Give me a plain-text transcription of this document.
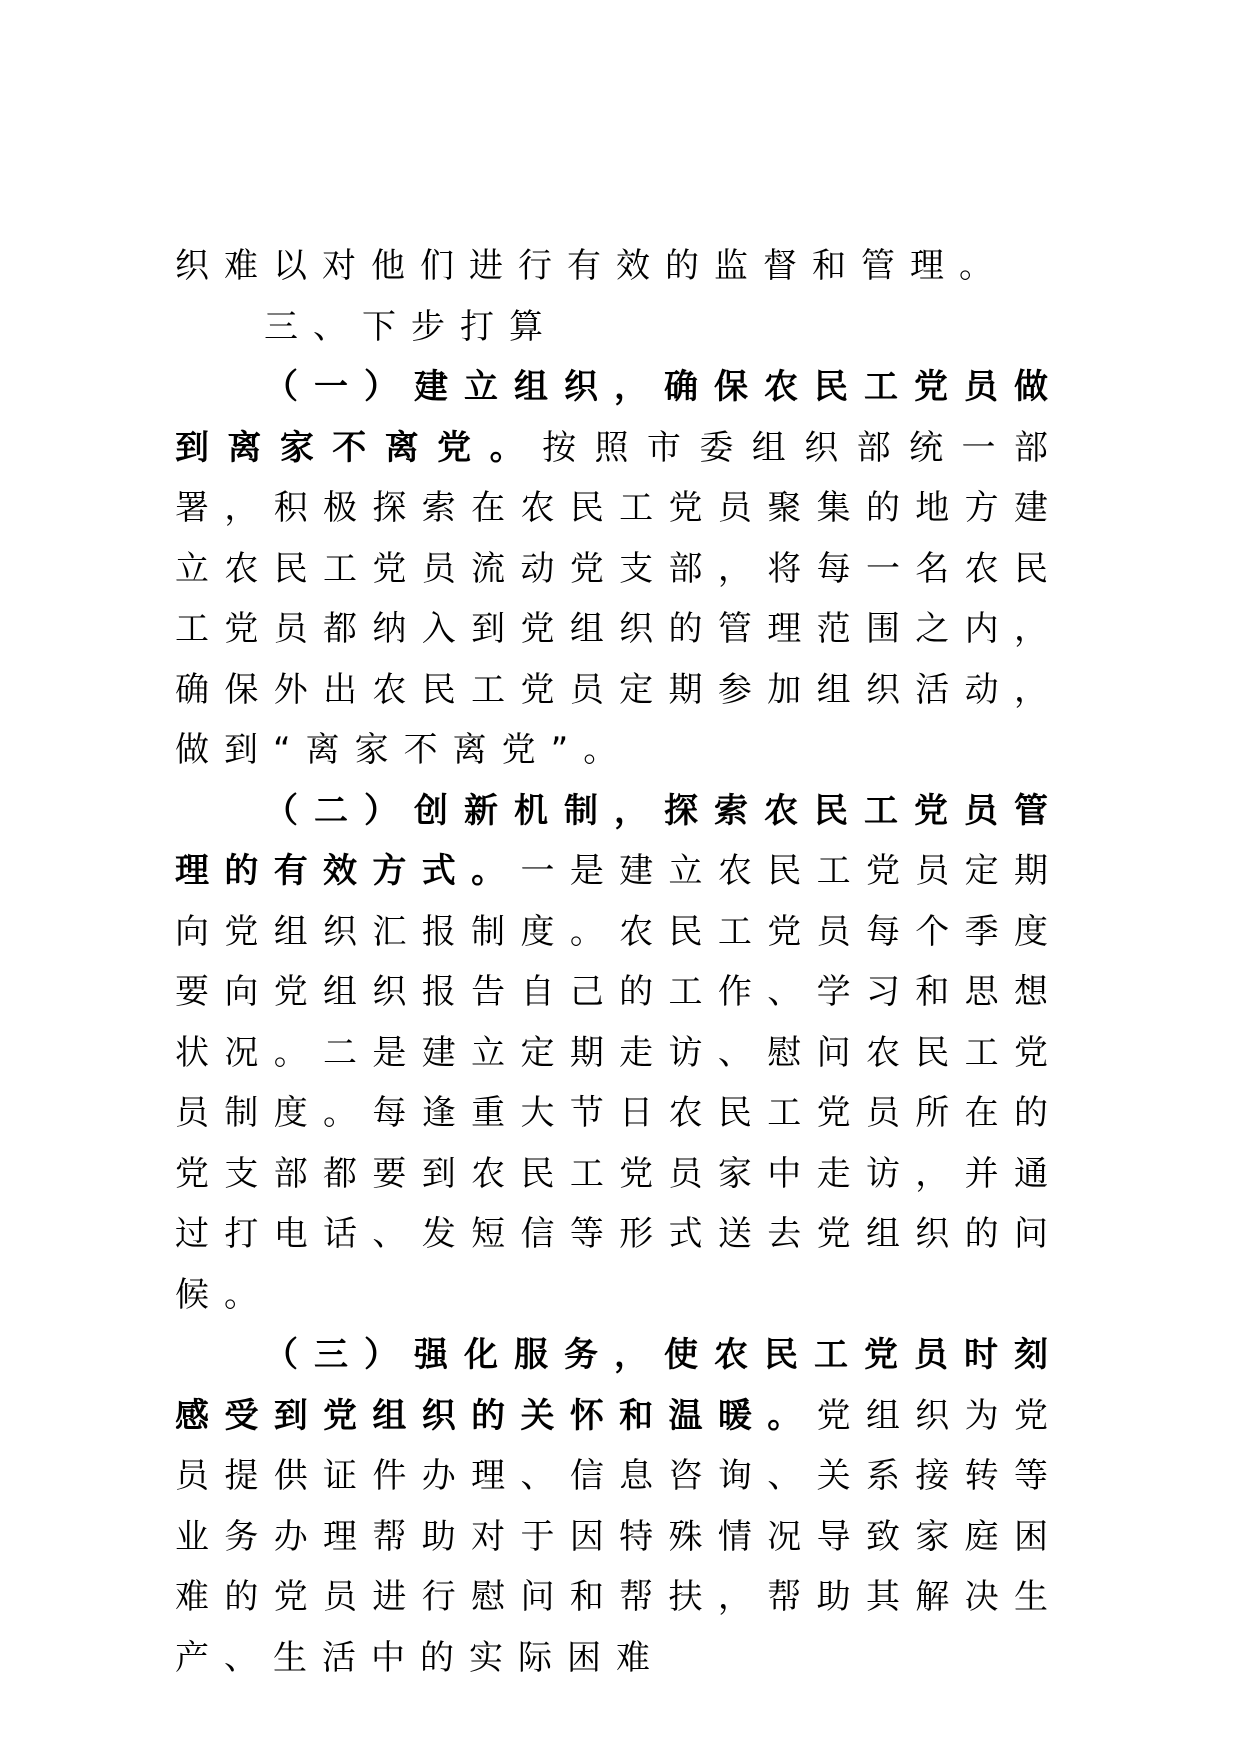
织难以对他们进行有效的监督和管理。

三、下步打算

（一）建立组织，确保农民工党员做到离家不离党。按照市委组织部统一部署，积极探索在农民工党员聚集的地方建立农民工党员流动党支部，将每一名农民工党员都纳入到党组织的管理范围之内，确保外出农民工党员定期参加组织活动，做到“离家不离党”。

（二）创新机制，探索农民工党员管理的有效方式。一是建立农民工党员定期向党组织汇报制度。农民工党员每个季度要向党组织报告自己的工作、学习和思想状况。二是建立定期走访、慰问农民工党员制度。每逢重大节日农民工党员所在的党支部都要到农民工党员家中走访，并通过打电话、发短信等形式送去党组织的问候。

（三）强化服务，使农民工党员时刻感受到党组织的关怀和温暖。党组织为党员提供证件办理、信息咨询、关系接转等业务办理帮助对于因特殊情况导致家庭困难的党员进行慰问和帮扶，帮助其解决生产、生活中的实际困难
